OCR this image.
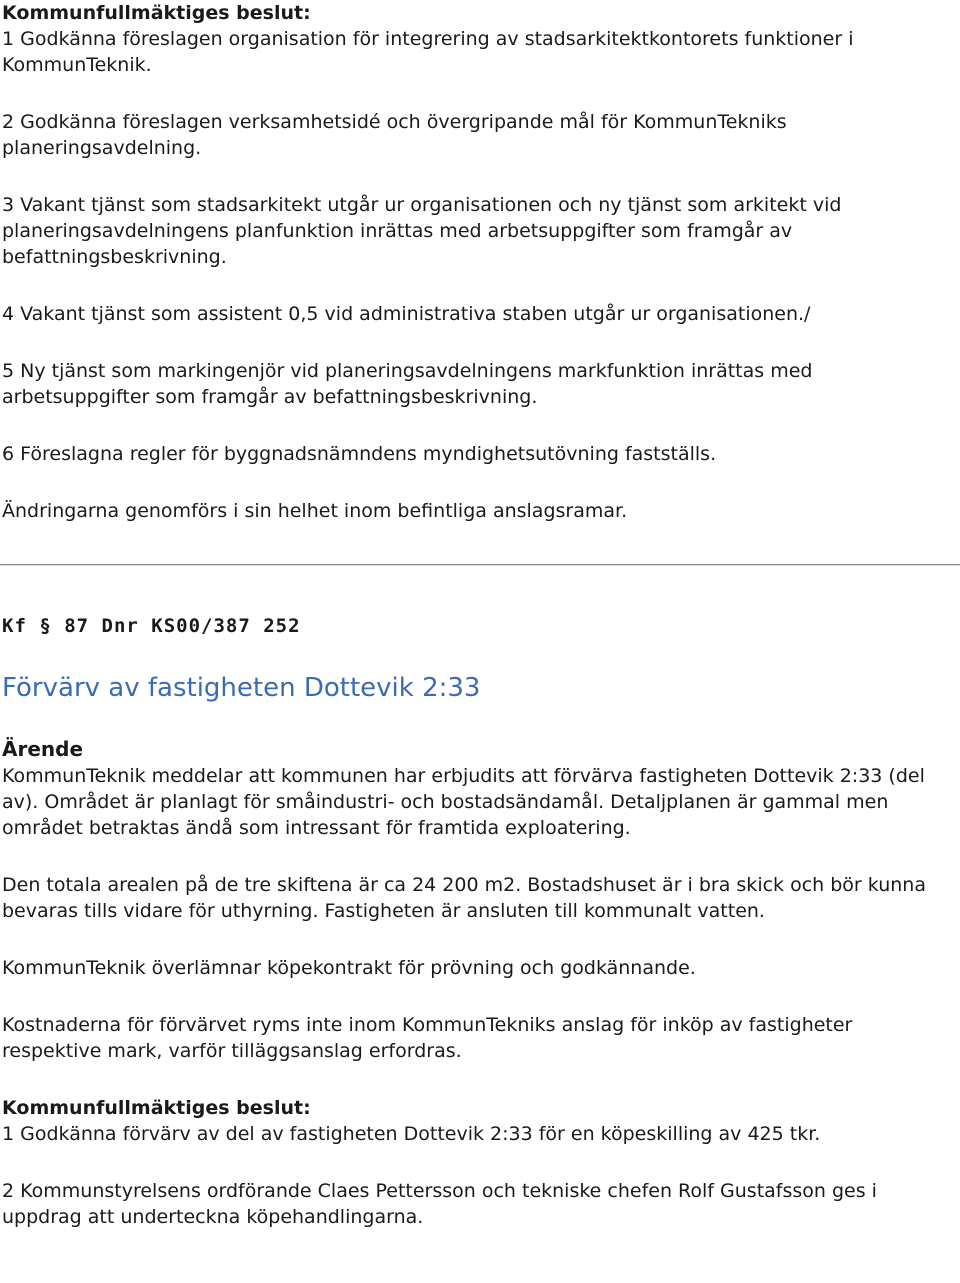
Kommunfullmäktiges beslut:

1 Godkänna föreslagen organisation för integrering av stadsarkitektkontorets funktioner i KommunTeknik.

2 Godkänna föreslagen verksamhetsidé och övergripande mål för KommunTekniks planeringsavdelning.

3 Vakant tjänst som stadsarkitekt utgår ur organisationen och ny tjänst som arkitekt vid planeringsavdelningens planfunktion inrättas med arbetsuppgifter som framgår av befattningsbeskrivning.

4 Vakant tjänst som assistent 0,5 vid administrativa staben utgår ur organisationen./

5 Ny tjänst som markingenjör vid planeringsavdelningens markfunktion inrättas med arbetsuppgifter som framgår av befattningsbeskrivning.

6 Föreslagna regler för byggnadsnämndens myndighetsutövning fastställs.

Ändringarna genomförs i sin helhet inom befintliga anslagsramar.

Kf § 87 Dnr KS00/387 252
Förvärv av fastigheten Dottevik 2:33

Ärende

KommunTeknik meddelar att kommunen har erbjudits att förvärva fastigheten Dottevik 2:33 (del av). Området är planlagt för småindustri- och bostadsändamål. Detaljplanen är gammal men området betraktas ändå som intressant för framtida exploatering.

Den totala arealen på de tre skiftena är ca 24 200 m2. Bostadshuset är i bra skick och bör kunna bevaras tills vidare för uthyrning. Fastigheten är ansluten till kommunalt vatten.

KommunTeknik överlämnar köpekontrakt för prövning och godkännande.

Kostnaderna för förvärvet ryms inte inom KommunTekniks anslag för inköp av fastigheter respektive mark, varför tilläggsanslag erfordras.

Kommunfullmäktiges beslut:

1 Godkänna förvärv av del av fastigheten Dottevik 2:33 för en köpeskilling av 425 tkr.

2 Kommunstyrelsens ordförande Claes Pettersson och tekniske chefen Rolf Gustafsson ges i uppdrag att underteckna köpehandlingarna.
